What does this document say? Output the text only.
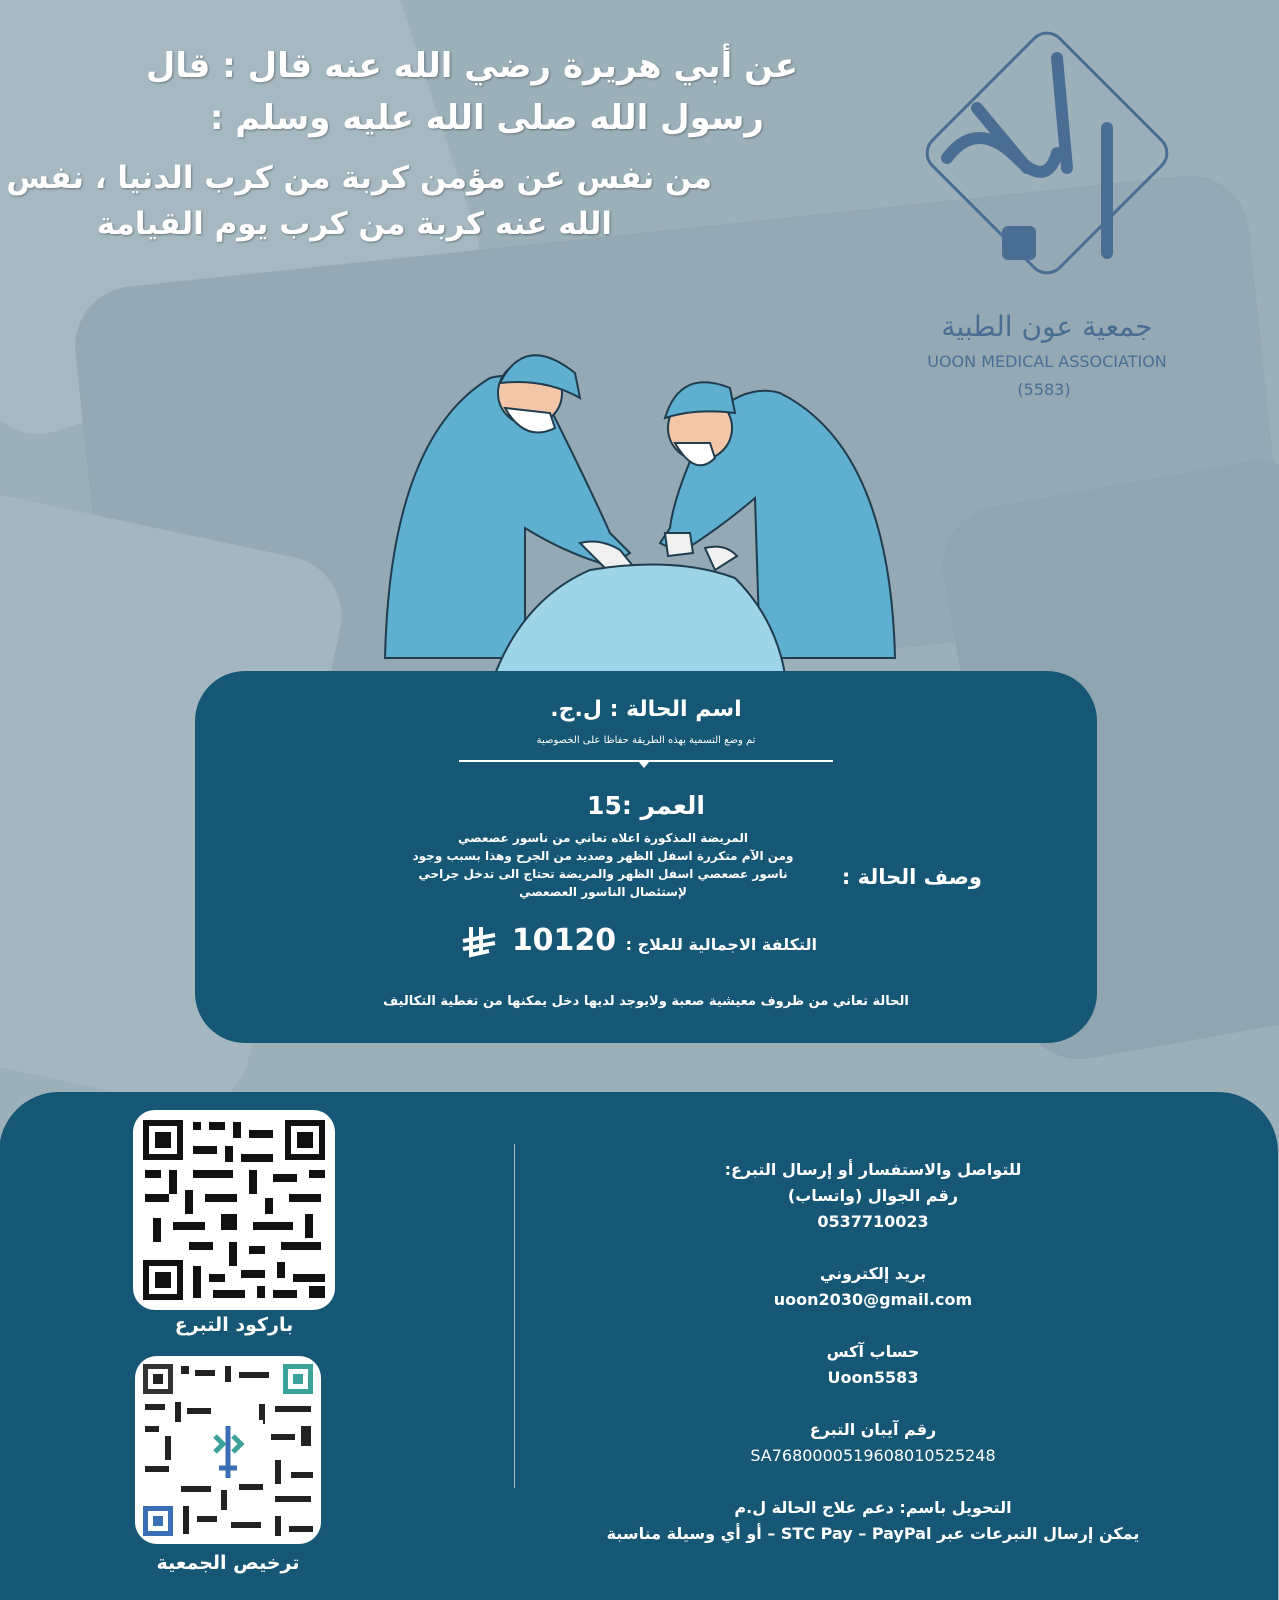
عن أبي هريرة رضي الله عنه قال : قال
رسول الله صلى الله عليه وسلم :
من نفس عن مؤمن كربة من كرب الدنيا ، نفس
الله عنه كربة من كرب يوم القيامة
جمعية عون الطبية
UOON MEDICAL ASSOCIATION
(5583)
اسم الحالة : ل.ج.
تم وضع التسمية بهذه الطريقة حفاظا على الخصوصية
العمر :15
وصف الحالة :
المريضة المذكورة اعلاه تعاني من ناسور عصعصي
ومن الآم متكررة اسفل الظهر وصديد من الجرح وهذا بسبب وجود
ناسور عصعصي اسفل الظهر والمريضة تحتاج الى تدخل جراحي
لإستئصال الناسور العصعصي
التكلفة الاجمالية للعلاج :
10120
الحالة تعاني من ظروف معيشية صعبة ولايوجد لديها دخل يمكنها من تغطية التكاليف
للتواصل والاستفسار أو إرسال التبرع:
رقم الجوال (واتساب)
0537710023
بريد إلكتروني
uoon2030@gmail.com
حساب آكس
Uoon5583
رقم آيبان التبرع
SA7680000519608010525248
التحويل باسم: دعم علاج الحالة ل.م
يمكن إرسال التبرعات عبر STC Pay – PayPal – أو أي وسيلة مناسبة
باركود التبرع
ترخيص الجمعية
